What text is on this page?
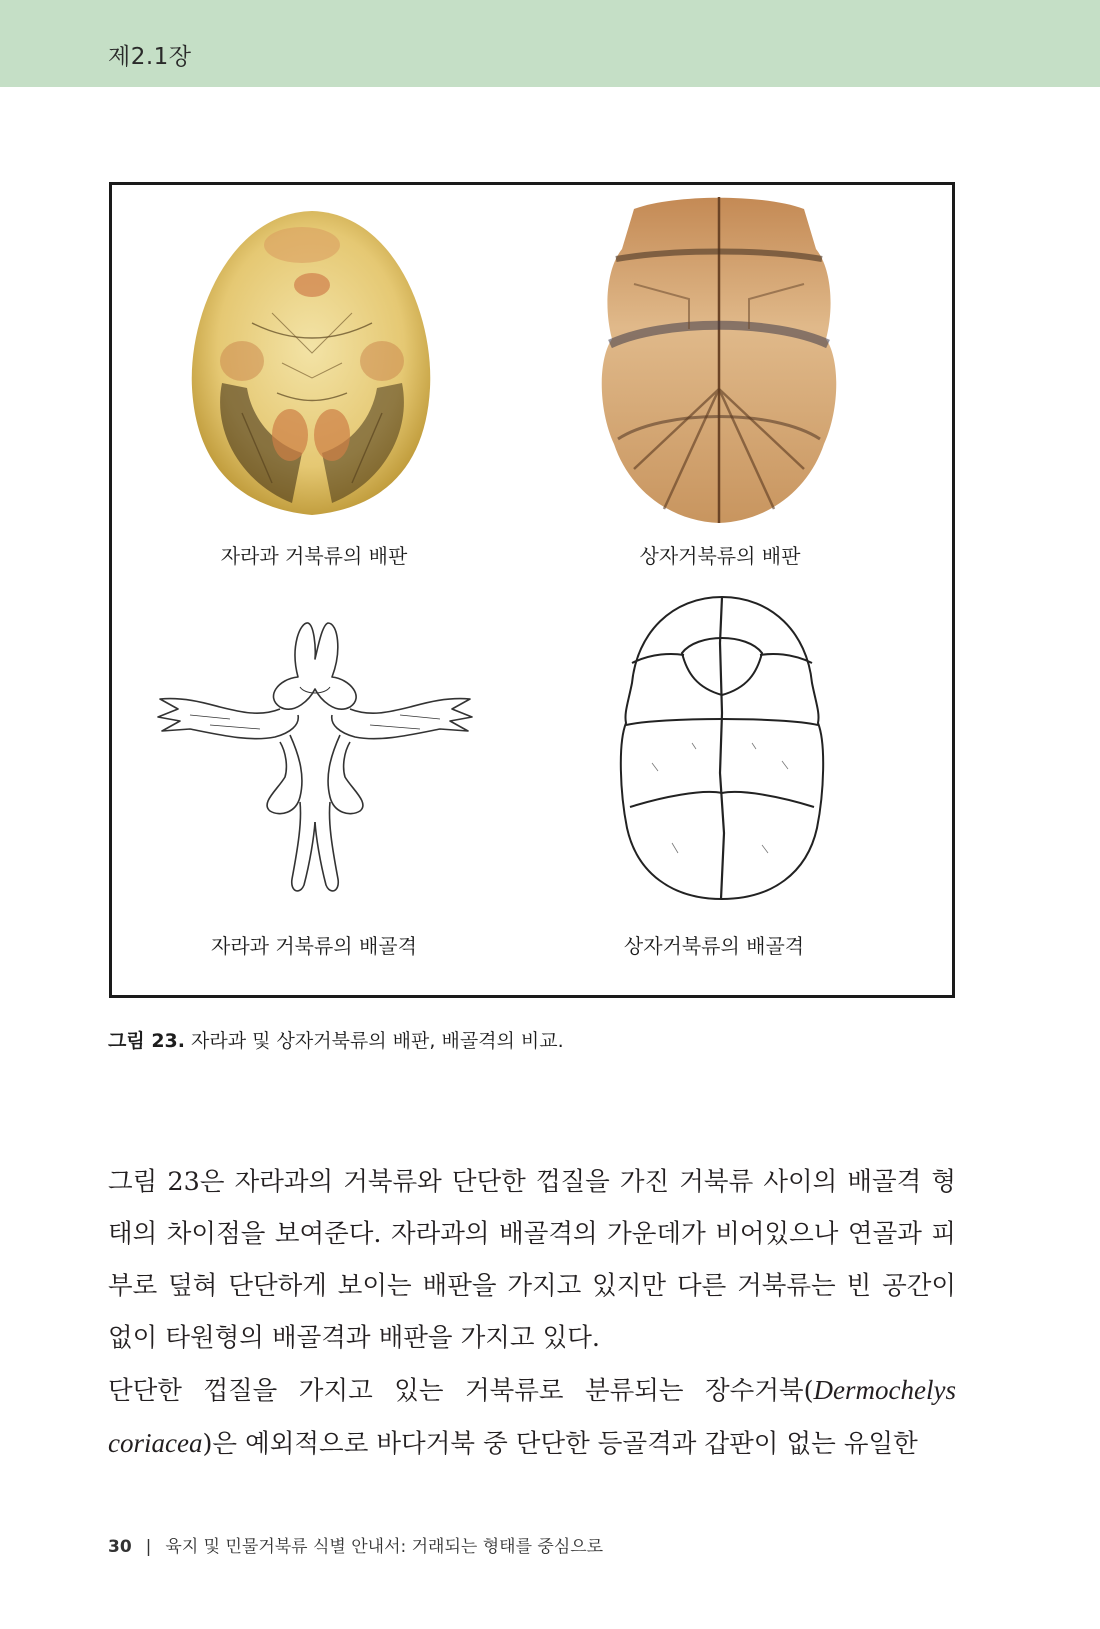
제2.1장
자라과 거북류의 배판	상자거북류의 배판
자라과 거북류의 배골격	상자거북류의 배골격
그림 23. 자라과 및 상자거북류의 배판, 배골격의 비교.

그림 23은 자라과의 거북류와 단단한 껍질을 가진 거북류 사이의 배골격 형태의 차이점을 보여준다. 자라과의 배골격의 가운데가 비어있으나 연골과 피부로 덮혀 단단하게 보이는 배판을 가지고 있지만 다른 거북류는 빈 공간이 없이 타원형의 배골격과 배판을 가지고 있다.

단단한 껍질을 가지고 있는 거북류로 분류되는 장수거북(Dermochelys coriacea)은 예외적으로 바다거북 중 단단한 등골격과 갑판이 없는 유일한

30 | 육지 및 민물거북류 식별 안내서: 거래되는 형태를 중심으로
